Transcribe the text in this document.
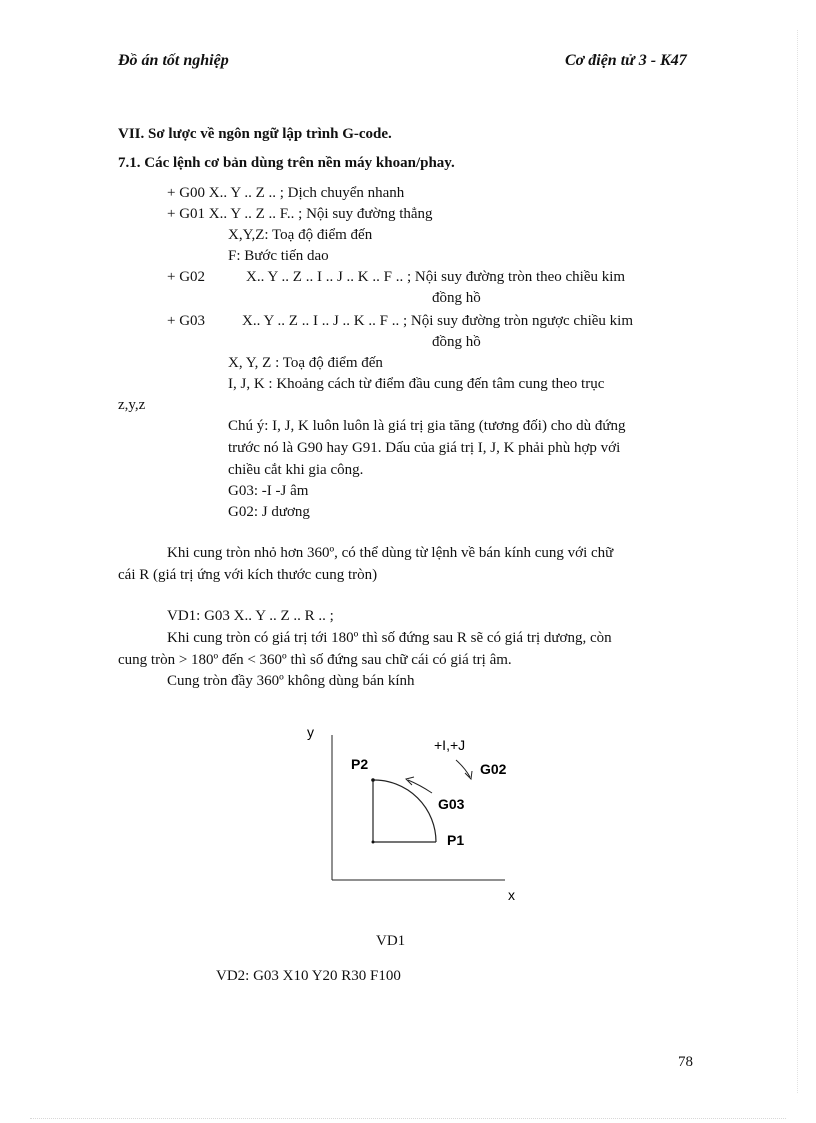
Đồ án tốt nghiệp	Cơ điện tử 3 - K47
VII. Sơ lược về ngôn ngữ lập trình G-code.
7.1. Các lệnh cơ bản dùng trên nền máy khoan/phay.
+ G00 X.. Y .. Z .. ; Dịch chuyển nhanh
+ G01 X.. Y .. Z .. F.. ; Nội suy đường thẳng
X,Y,Z: Toạ độ điểm đến
F: Bước tiến dao
+ G02	X.. Y .. Z .. I .. J .. K .. F .. ; Nội suy đường tròn theo chiều kim
đồng hồ
+ G03 X.. Y .. Z .. I .. J .. K .. F .. ; Nội suy đường tròn ngược chiều kim
đồng hồ
X, Y, Z : Toạ độ điểm đến
I, J, K : Khoảng cách từ điểm đầu cung đến tâm cung theo trục
z,y,z
Chú ý: I, J, K luôn luôn là giá trị gia tăng (tương đối) cho dù đứng
trước nó là G90 hay G91. Dấu của giá trị I, J, K phải phù hợp với
chiều cắt khi gia công.
G03: -I -J âm
G02: J dương
Khi cung tròn nhỏ hơn 360º, có thể dùng từ lệnh về bán kính cung với chữ
cái R (giá trị ứng với kích thước cung tròn)
VD1: G03 X.. Y .. Z .. R .. ;
Khi cung tròn có giá trị tới 180º thì số đứng sau R sẽ có giá trị dương, còn
cung tròn > 180º đến < 360º thì số đứng sau chữ cái có giá trị âm.
Cung tròn đầy 360º không dùng bán kính
y
x
P2
P1
G03
G02
+I,+J
VD1
VD2: G03 X10 Y20 R30 F100
78
